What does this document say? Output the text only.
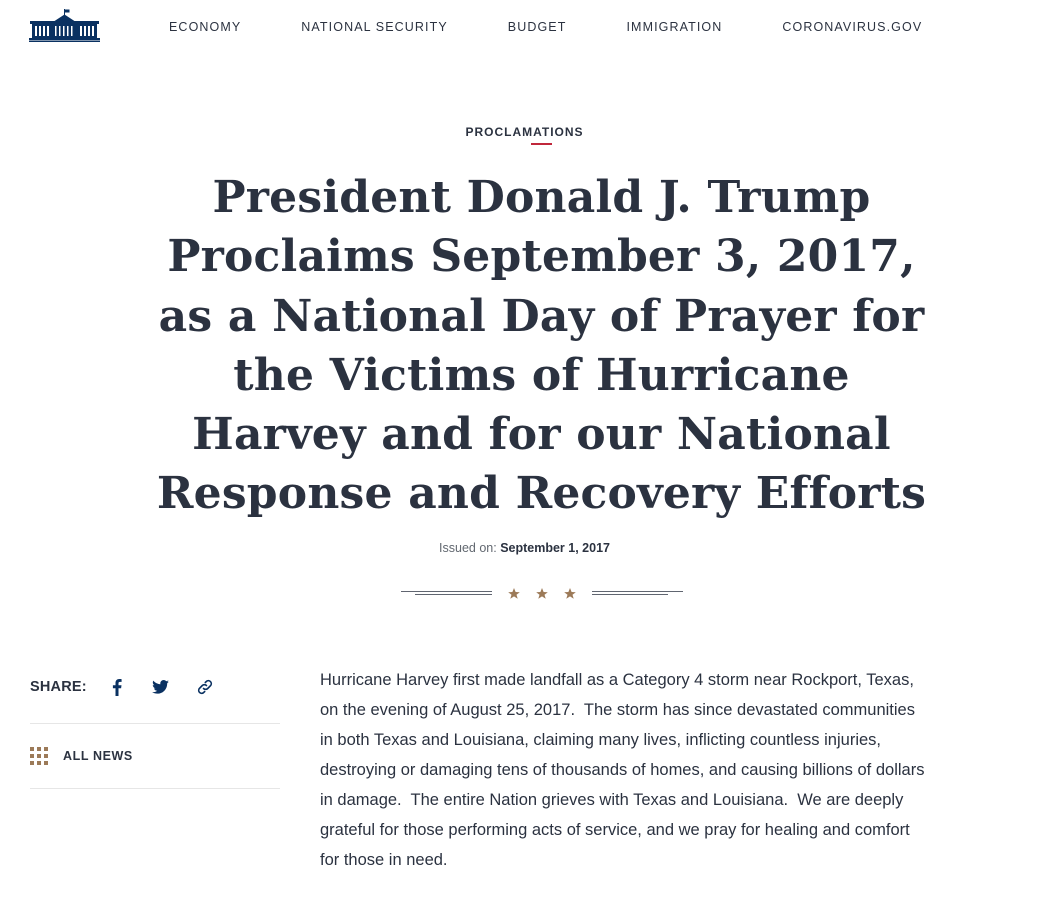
ECONOMY	NATIONAL SECURITY	BUDGET	IMMIGRATION	CORONAVIRUS.GOV
PROCLAMATIONS
President Donald J. Trump Proclaims September 3, 2017, as a National Day of Prayer for the Victims of Hurricane Harvey and for our National Response and Recovery Efforts
Issued on: September 1, 2017
SHARE:
ALL NEWS

Hurricane Harvey first made landfall as a Category 4 storm near Rockport, Texas, on the evening of August 25, 2017.  The storm has since devastated communities in both Texas and Louisiana, claiming many lives, inflicting countless injuries, destroying or damaging tens of thousands of homes, and causing billions of dollars in damage.  The entire Nation grieves with Texas and Louisiana.  We are deeply grateful for those performing acts of service, and we pray for healing and comfort for those in need.
